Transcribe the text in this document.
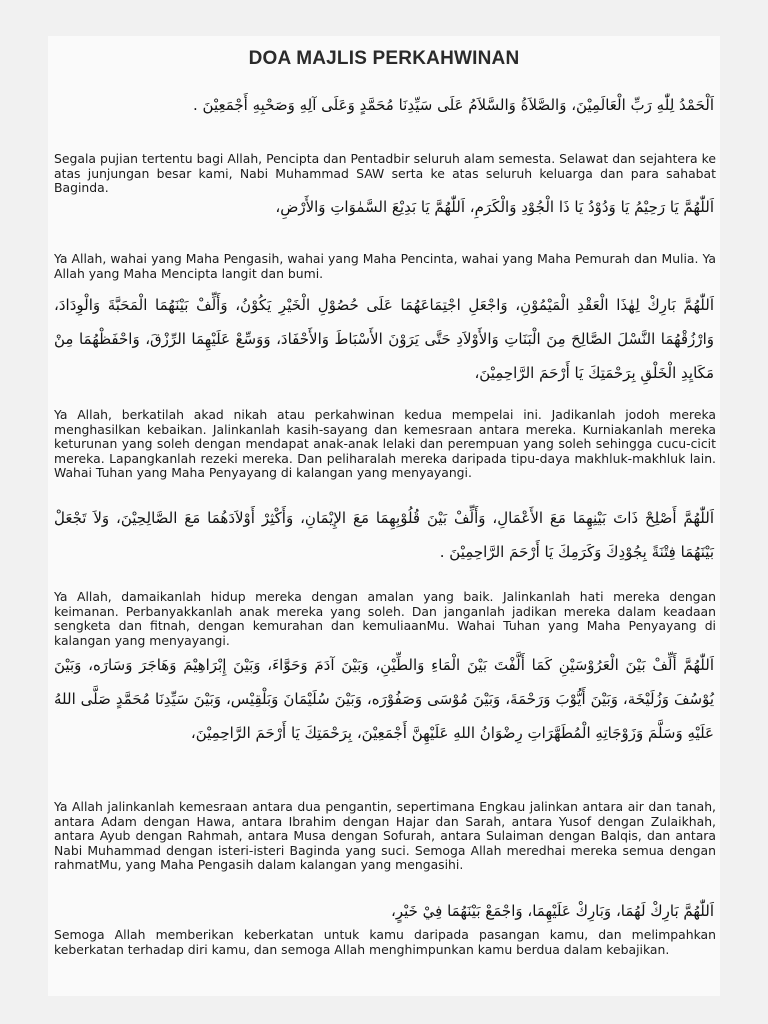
DOA MAJLIS PERKAHWINAN
اَلْحَمْدُ لِلّٰهِ رَبِّ الْعَالَمِيْنَ، وَالصَّلاَةُ وَالسَّلاَمُ عَلَى سَيِّدِنَا مُحَمَّدٍ وَعَلَى آلِهِ وَصَحْبِهِ أَجْمَعِيْنَ .
Segala pujian tertentu bagi Allah, Pencipta dan Pentadbir seluruh alam semesta. Selawat dan sejahtera ke atas junjungan besar kami, Nabi Muhammad SAW serta ke atas seluruh keluarga dan para sahabat Baginda.
اَللّٰهُمَّ يَا رَحِيْمُ يَا وَدُوْدُ يَا ذَا الْجُوْدِ وَالْكَرَمِ، اَللّٰهُمَّ يَا بَدِيْعَ السَّمٰوَاتِ وَالأَرْضِ،
Ya Allah, wahai yang Maha Pengasih, wahai yang Maha Pencinta, wahai yang Maha Pemurah dan Mulia. Ya Allah yang Maha Mencipta langit dan bumi.
اَللّٰهُمَّ بَارِكْ لِهٰذَا الْعَقْدِ الْمَيْمُوْنِ، وَاجْعَلِ اجْتِمَاعَهُمَا عَلَى حُصُوْلِ الْخَيْرِ يَكُوْنُ، وَأَلِّفْ بَيْنَهُمَا الْمَحَبَّةَ وَالْوِدَادَ، وَارْزُقْهُمَا النَّسْلَ الصَّالِحَ مِنَ الْبَنَاتِ وَالأَوْلاَدِ حَتَّى يَرَوْنَ الأَسْبَاطَ وَالأَحْفَادَ، وَوَسِّعْ عَلَيْهِمَا الرِّزْقَ، وَاحْفَظْهُمَا مِنْ مَكَايِدِ الْخَلْقِ بِرَحْمَتِكَ يَا أَرْحَمَ الرَّاحِمِيْنَ،
Ya Allah, berkatilah akad nikah atau perkahwinan kedua mempelai ini. Jadikanlah jodoh mereka menghasilkan kebaikan. Jalinkanlah kasih-sayang dan kemesraan antara mereka. Kurniakanlah mereka keturunan yang soleh dengan mendapat anak-anak lelaki dan perempuan yang soleh sehingga cucu-cicit mereka. Lapangkanlah rezeki mereka. Dan peliharalah mereka daripada tipu-daya makhluk-makhluk lain. Wahai Tuhan yang Maha Penyayang di kalangan yang menyayangi.
اَللّٰهُمَّ أَصْلِحْ ذَاتَ بَيْنِهِمَا مَعَ الأَعْمَالِ، وَأَلِّفْ بَيْنَ قُلُوْبِهِمَا مَعَ الإِيْمَانِ، وَأَكْثِرْ أَوْلاَدَهُمَا مَعَ الصَّالِحِيْنَ، وَلاَ تَجْعَلْ بَيْنَهُمَا فِتْنَةً بِجُوْدِكَ وَكَرَمِكَ يَا أَرْحَمَ الرَّاحِمِيْنَ .
Ya Allah, damaikanlah hidup mereka dengan amalan yang baik. Jalinkanlah hati mereka dengan keimanan. Perbanyakkanlah anak mereka yang soleh. Dan janganlah jadikan mereka dalam keadaan sengketa dan fitnah, dengan kemurahan dan kemuliaanMu. Wahai Tuhan yang Maha Penyayang di kalangan yang menyayangi.
اَللّٰهُمَّ أَلِّفْ بَيْنَ الْعَرُوْسَيْنِ كَمَا أَلَّفْتَ بَيْنَ الْمَاءِ وَالطِّيْنِ، وَبَيْنَ آدَمَ وَحَوَّاءَ، وَبَيْنَ إِبْرَاهِيْمَ وَهَاجَرَ وَسَارَه، وَبَيْنَ يُوْسُفَ وَزُلَيْخَة، وَبَيْنَ أَيُّوْبَ وَرَحْمَةَ، وَبَيْنَ مُوْسَى وَصَفُوْرَه، وَبَيْنَ سُلَيْمَانَ وَبَلْقِيْس، وَبَيْنَ سَيِّدِنَا مُحَمَّدٍ صَلَّى اللهُ عَلَيْهِ وَسَلَّمَ وَزَوْجَاتِهِ الْمُطَهَّرَاتِ رِضْوَانُ اللهِ عَلَيْهِنَّ أَجْمَعِيْنَ، بِرَحْمَتِكَ يَا أَرْحَمَ الرَّاحِمِيْنَ،
Ya Allah jalinkanlah kemesraan antara dua pengantin, sepertimana Engkau jalinkan antara air dan tanah, antara Adam dengan Hawa, antara Ibrahim dengan Hajar dan Sarah, antara Yusof dengan Zulaikhah, antara Ayub dengan Rahmah, antara Musa dengan Sofurah, antara Sulaiman dengan Balqis, dan antara Nabi Muhammad dengan isteri-isteri Baginda yang suci. Semoga Allah meredhai mereka semua dengan rahmatMu, yang Maha Pengasih dalam kalangan yang mengasihi.
اَللّٰهُمَّ بَارِكْ لَهُمَا، وَبَارِكْ عَلَيْهِمَا، وَاجْمَعْ بَيْنَهُمَا فِيْ خَيْرٍ،
Semoga Allah memberikan keberkatan untuk kamu daripada pasangan kamu, dan melimpahkan keberkatan terhadap diri kamu, dan semoga Allah menghimpunkan kamu berdua dalam kebajikan.
